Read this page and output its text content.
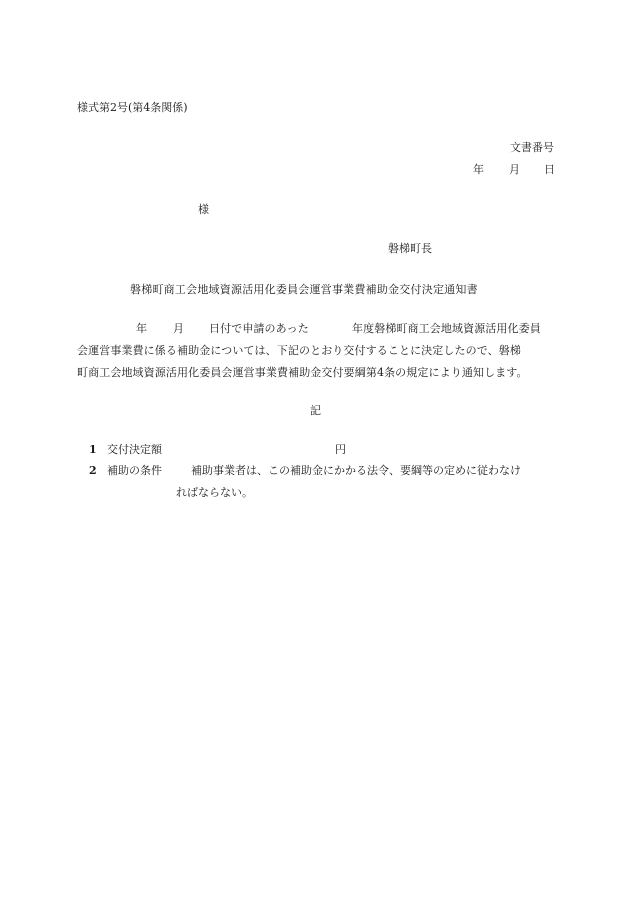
様式第2号(第4条関係)
文書番号
年 月 日
様
磐梯町長
磐梯町商工会地域資源活用化委員会運営事業費補助金交付決定通知書
年 月 日付で申請のあった	年度磐梯町商工会地域資源活用化委員
会運営事業費に係る補助金については、下記のとおり交付することに決定したので、磐梯
町商工会地域資源活用化委員会運営事業費補助金交付要綱第4条の規定により通知します。
記
1 交付決定額	円
2 補助の条件	補助事業者は、この補助金にかかる法令、要綱等の定めに従わなけ
ればならない。
